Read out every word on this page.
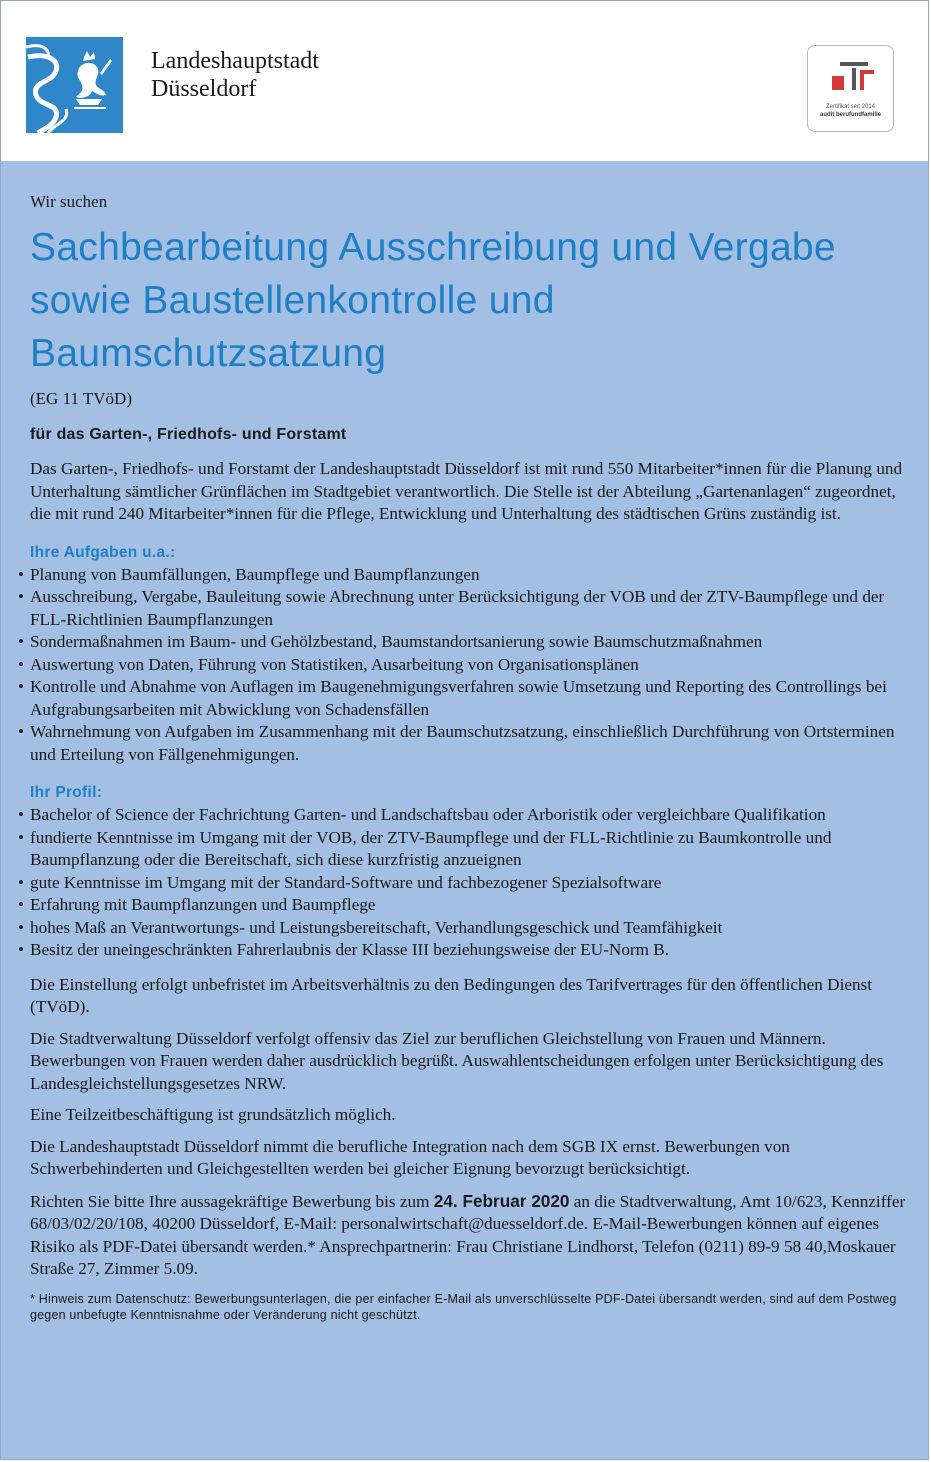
Landeshauptstadt
Düsseldorf
Zertifikat seit 2014
audit berufundfamilie

Wir suchen

Sachbearbeitung Ausschreibung und Vergabe sowie Baustellenkontrolle und Baumschutzsatzung

(EG 11 TVöD)

für das Garten-, Friedhofs- und Forstamt

Das Garten-, Friedhofs- und Forstamt der Landeshauptstadt Düsseldorf ist mit rund 550 Mitarbeiter*innen für die Planung und Unterhaltung sämtlicher Grünflächen im Stadtgebiet verantwortlich. Die Stelle ist der Abteilung „Gartenanlagen“ zugeordnet, die mit rund 240 Mitarbeiter*innen für die Pflege, Entwicklung und Unterhaltung des städtischen Grüns zuständig ist.

Ihre Aufgaben u.a.:
• Planung von Baumfällungen, Baumpflege und Baumpflanzungen
• Ausschreibung, Vergabe, Bauleitung sowie Abrechnung unter Berücksichtigung der VOB und der ZTV-Baumpflege und der FLL-Richtlinien Baumpflanzungen
• Sondermaßnahmen im Baum- und Gehölzbestand, Baumstandortsanierung sowie Baumschutzmaßnahmen
• Auswertung von Daten, Führung von Statistiken, Ausarbeitung von Organisationsplänen
• Kontrolle und Abnahme von Auflagen im Baugenehmigungsverfahren sowie Umsetzung und Reporting des Controllings bei Aufgrabungsarbeiten mit Abwicklung von Schadensfällen
• Wahrnehmung von Aufgaben im Zusammenhang mit der Baumschutzsatzung, einschließlich Durchführung von Ortsterminen und Erteilung von Fällgenehmigungen.
Ihr Profil:
• Bachelor of Science der Fachrichtung Garten- und Landschaftsbau oder Arboristik oder vergleichbare Qualifikation
• fundierte Kenntnisse im Umgang mit der VOB, der ZTV-Baumpflege und der FLL-Richtlinie zu Baumkontrolle und Baumpflanzung oder die Bereitschaft, sich diese kurzfristig anzueignen
• gute Kenntnisse im Umgang mit der Standard-Software und fachbezogener Spezialsoftware
• Erfahrung mit Baumpflanzungen und Baumpflege
• hohes Maß an Verantwortungs- und Leistungsbereitschaft, Verhandlungsgeschick und Teamfähigkeit
• Besitz der uneingeschränkten Fahrerlaubnis der Klasse III beziehungsweise der EU-Norm B.

Die Einstellung erfolgt unbefristet im Arbeitsverhältnis zu den Bedingungen des Tarifvertrages für den öffentlichen Dienst (TVöD).

Die Stadtverwaltung Düsseldorf verfolgt offensiv das Ziel zur beruflichen Gleichstellung von Frauen und Männern. Bewerbungen von Frauen werden daher ausdrücklich begrüßt. Auswahlentscheidungen erfolgen unter Berücksichtigung des Landesgleichstellungsgesetzes NRW.

Eine Teilzeitbeschäftigung ist grundsätzlich möglich.

Die Landeshauptstadt Düsseldorf nimmt die berufliche Integration nach dem SGB IX ernst. Bewerbungen von Schwerbehinderten und Gleichgestellten werden bei gleicher Eignung bevorzugt berücksichtigt.

Richten Sie bitte Ihre aussagekräftige Bewerbung bis zum 24. Februar 2020 an die Stadtverwaltung, Amt 10/623, Kennziffer 68/03/02/20/108, 40200 Düsseldorf, E-Mail: personalwirtschaft@duesseldorf.de. E-Mail-Bewerbungen können auf eigenes Risiko als PDF-Datei übersandt werden.* Ansprechpartnerin: Frau Christiane Lindhorst, Telefon (0211) 89-9 58 40,Moskauer Straße 27, Zimmer 5.09.

* Hinweis zum Datenschutz: Bewerbungsunterlagen, die per einfacher E-Mail als unverschlüsselte PDF-Datei übersandt werden, sind auf dem Postweg gegen unbefugte Kenntnisnahme oder Veränderung nicht geschützt.
